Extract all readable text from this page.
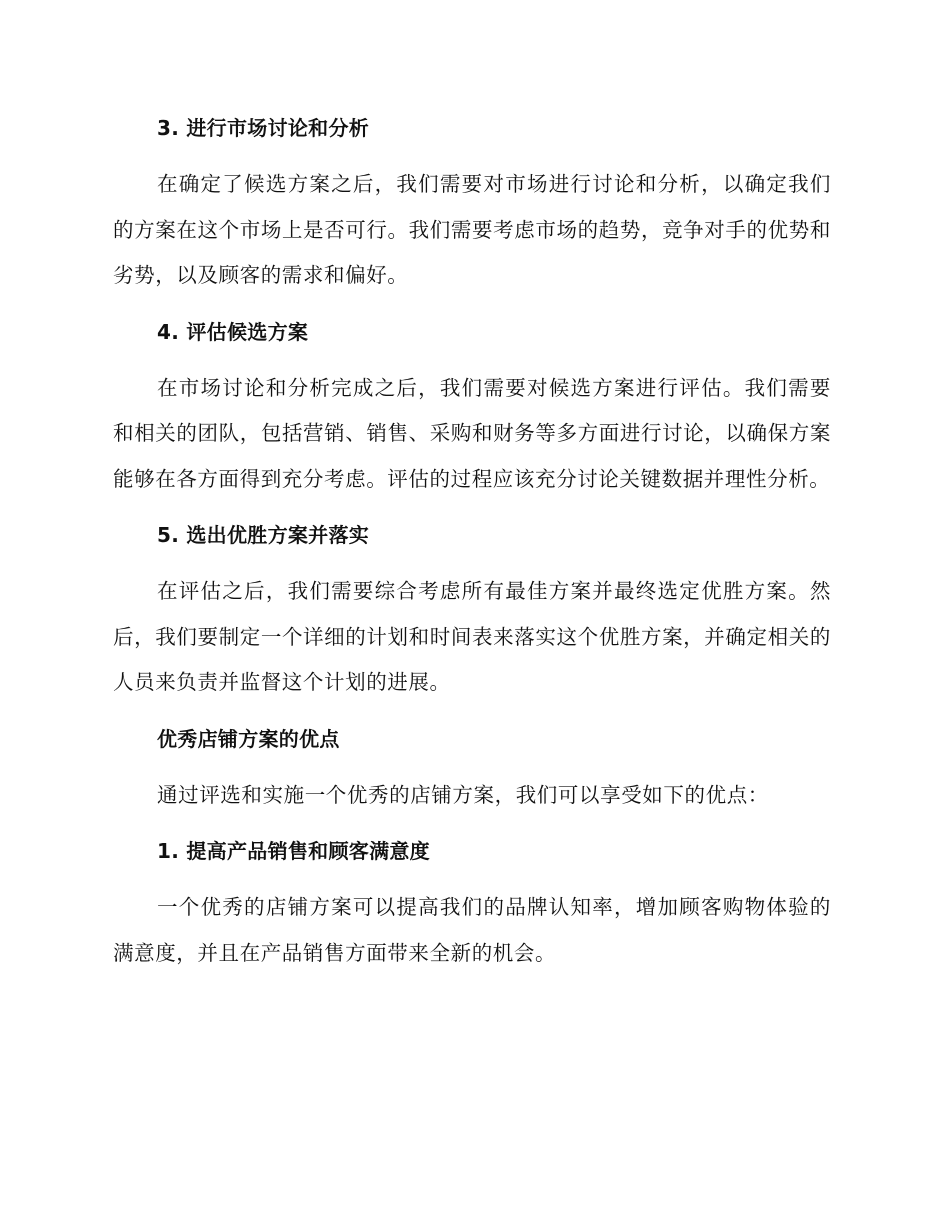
3. 进行市场讨论和分析

在确定了候选方案之后，我们需要对市场进行讨论和分析，以确定我们的方案在这个市场上是否可行。我们需要考虑市场的趋势，竞争对手的优势和劣势，以及顾客的需求和偏好。

4. 评估候选方案

在市场讨论和分析完成之后，我们需要对候选方案进行评估。我们需要和相关的团队，包括营销、销售、采购和财务等多方面进行讨论，以确保方案能够在各方面得到充分考虑。评估的过程应该充分讨论关键数据并理性分析。

5. 选出优胜方案并落实

在评估之后，我们需要综合考虑所有最佳方案并最终选定优胜方案。然后，我们要制定一个详细的计划和时间表来落实这个优胜方案，并确定相关的人员来负责并监督这个计划的进展。

优秀店铺方案的优点

通过评选和实施一个优秀的店铺方案，我们可以享受如下的优点：

1. 提高产品销售和顾客满意度

一个优秀的店铺方案可以提高我们的品牌认知率，增加顾客购物体验的满意度，并且在产品销售方面带来全新的机会。
